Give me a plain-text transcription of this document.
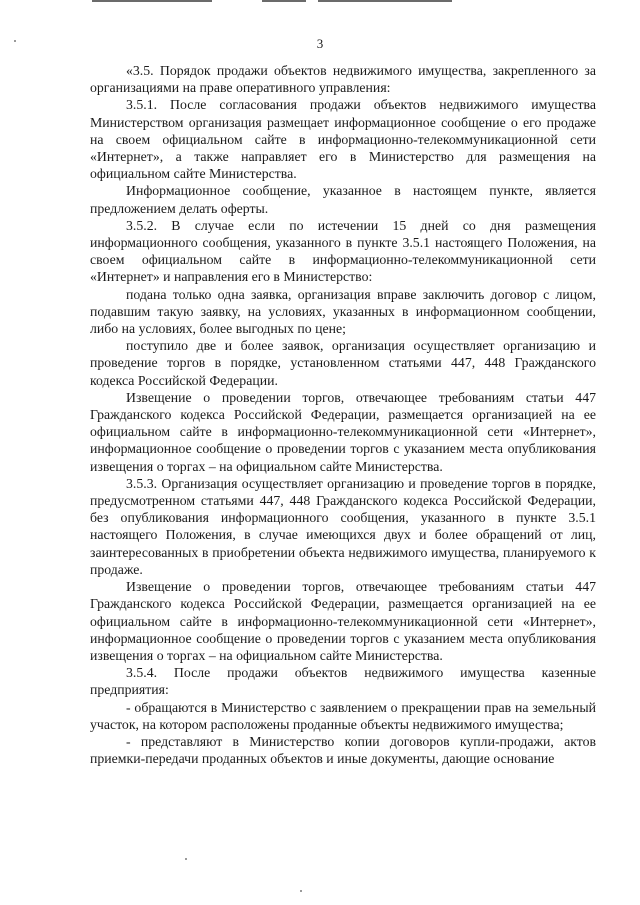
3

«3.5. Порядок продажи объектов недвижимого имущества, закрепленного за организациями на праве оперативного управления:

3.5.1. После согласования продажи объектов недвижимого имущества Министерством организация размещает информационное сообщение о его продаже на своем официальном сайте в информационно-телекоммуникационной сети «Интернет», а также направляет его в Министерство для размещения на официальном сайте Министерства.

Информационное сообщение, указанное в настоящем пункте, является предложением делать оферты.

3.5.2. В случае если по истечении 15 дней со дня размещения информационного сообщения, указанного в пункте 3.5.1 настоящего Положения, на своем официальном сайте в информационно-телекоммуникационной сети «Интернет» и направления его в Министерство:

подана только одна заявка, организация вправе заключить договор с лицом, подавшим такую заявку, на условиях, указанных в информационном сообщении, либо на условиях, более выгодных по цене;

поступило две и более заявок, организация осуществляет организацию и проведение торгов в порядке, установленном статьями 447, 448 Гражданского кодекса Российской Федерации.

Извещение о проведении торгов, отвечающее требованиям статьи 447 Гражданского кодекса Российской Федерации, размещается организацией на ее официальном сайте в информационно-телекоммуникационной сети «Интернет», информационное сообщение о проведении торгов с указанием места опубликования извещения о торгах – на официальном сайте Министерства.

3.5.3. Организация осуществляет организацию и проведение торгов в порядке, предусмотренном статьями 447, 448 Гражданского кодекса Российской Федерации, без опубликования информационного сообщения, указанного в пункте 3.5.1 настоящего Положения, в случае имеющихся двух и более обращений от лиц, заинтересованных в приобретении объекта недвижимого имущества, планируемого к продаже.

Извещение о проведении торгов, отвечающее требованиям статьи 447 Гражданского кодекса Российской Федерации, размещается организацией на ее официальном сайте в информационно-телекоммуникационной сети «Интернет», информационное сообщение о проведении торгов с указанием места опубликования извещения о торгах – на официальном сайте Министерства.

3.5.4. После продажи объектов недвижимого имущества казенные предприятия:

- обращаются в Министерство с заявлением о прекращении прав на земельный участок, на котором расположены проданные объекты недвижимого имущества;

- представляют в Министерство копии договоров купли-продажи, актов приемки-передачи проданных объектов и иные документы, дающие основание
